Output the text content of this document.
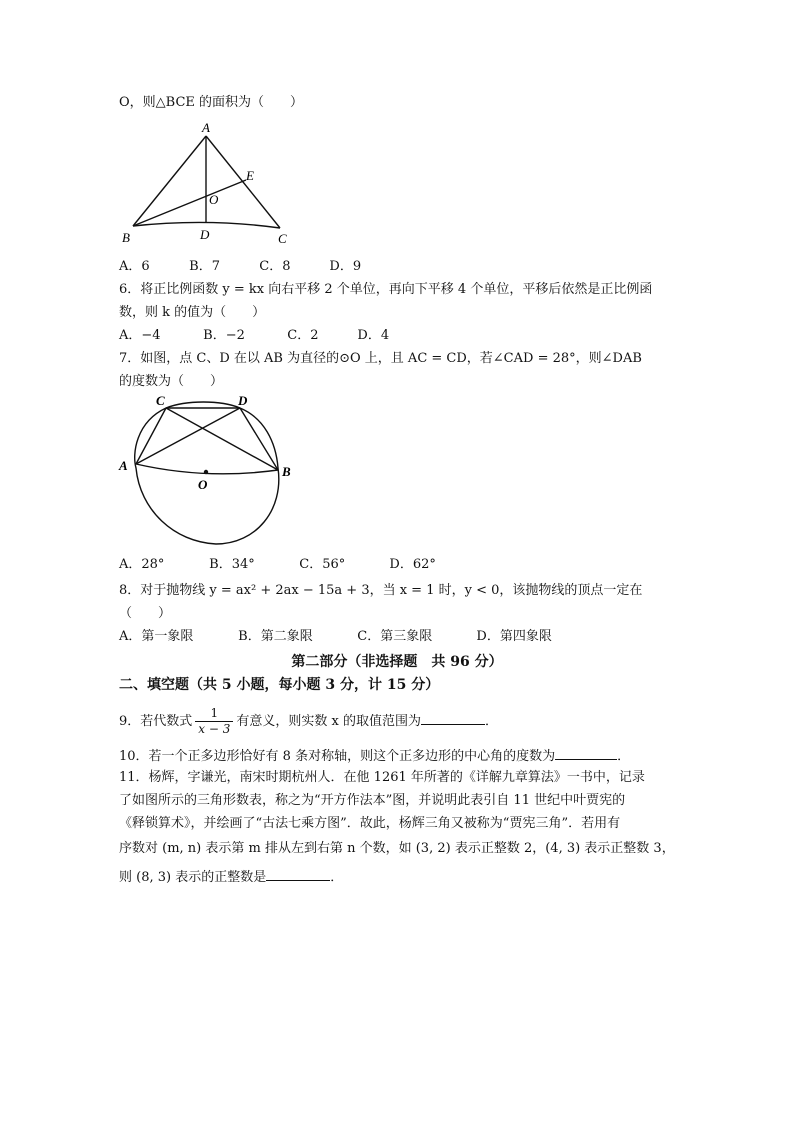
O，则△BCE 的面积为（　　）
A
E
O
B	D	C
A．6	B．7	C．8	D．9
6．将正比例函数 y = kx 向右平移 2 个单位，再向下平移 4 个单位，平移后依然是正比例函
数，则 k 的值为（　　）
A．−4	B．−2	C．2	D．4
7．如图，点 C、D 在以 AB 为直径的⊙O 上，且 AC = CD，若∠CAD = 28°，则∠DAB
的度数为（　　）
C	D
A	B
O
A．28°	B．34°	C．56°	D．62°
8．对于抛物线 y = ax² + 2ax − 15a + 3，当 x = 1 时，y < 0，该抛物线的顶点一定在
（　　）
A．第一象限	B．第二象限	C．第三象限	D．第四象限
第二部分（非选择题　共 96 分）
二、填空题（共 5 小题，每小题 3 分，计 15 分）
9．若代数式 $\frac{1}{x - 3}$ 有意义，则实数 x 的取值范围为	．
10．若一个正多边形恰好有 8 条对称轴，则这个正多边形的中心角的度数为	．
11．杨辉，字谦光，南宋时期杭州人．在他 1261 年所著的《详解九章算法》一书中，记录
了如图所示的三角形数表，称之为“开方作法本”图，并说明此表引自 11 世纪中叶贾宪的
《释锁算术》，并绘画了“古法七乘方图”．故此，杨辉三角又被称为“贾宪三角”．若用有
序数对 (m, n) 表示第 m 排从左到右第 n 个数，如 (3, 2) 表示正整数 2，(4, 3) 表示正整数 3，
则 (8, 3) 表示的正整数是	．
